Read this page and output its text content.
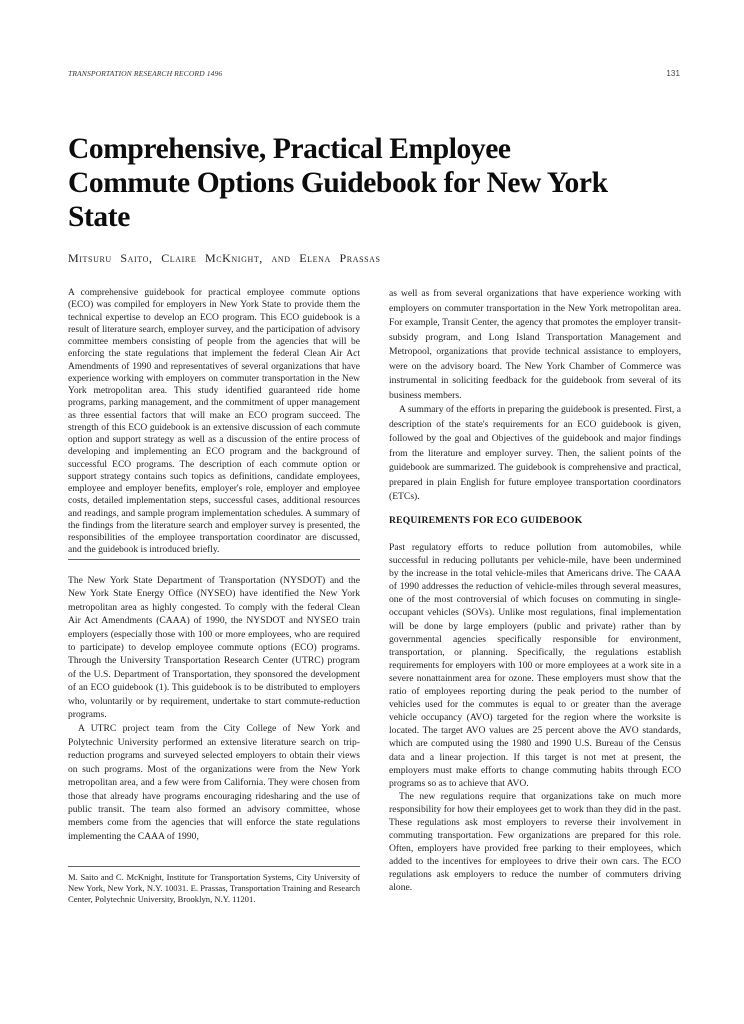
TRANSPORTATION RESEARCH RECORD 1496	131
Comprehensive, Practical Employee Commute Options Guidebook for New York State
Mitsuru Saito, Claire McKnight, and Elena Prassas

A comprehensive guidebook for practical employee commute options (ECO) was compiled for employers in New York State to provide them the technical expertise to develop an ECO program. This ECO guidebook is a result of literature search, employer survey, and the participation of advisory committee members consisting of people from the agencies that will be enforcing the state regulations that implement the federal Clean Air Act Amendments of 1990 and representatives of several organizations that have experience working with employers on commuter transportation in the New York metropolitan area. This study identified guaranteed ride home programs, parking management, and the commitment of upper management as three essential factors that will make an ECO program succeed. The strength of this ECO guidebook is an extensive discussion of each commute option and support strategy as well as a discussion of the entire process of developing and implementing an ECO program and the background of successful ECO programs. The description of each commute option or support strategy contains such topics as definitions, candidate employees, employee and employer benefits, employer's role, employer and employee costs, detailed implementation steps, successful cases, additional resources and readings, and sample program implementation schedules. A summary of the findings from the literature search and employer survey is presented, the responsibilities of the employee transportation coordinator are discussed, and the guidebook is introduced briefly.

The New York State Department of Transportation (NYSDOT) and the New York State Energy Office (NYSEO) have identified the New York metropolitan area as highly congested. To comply with the federal Clean Air Act Amendments (CAAA) of 1990, the NYSDOT and NYSEO train employers (especially those with 100 or more employees, who are required to participate) to develop employee commute options (ECO) programs. Through the University Transportation Research Center (UTRC) program of the U.S. Department of Transportation, they sponsored the development of an ECO guidebook (1). This guidebook is to be distributed to employers who, voluntarily or by requirement, undertake to start commute-reduction programs.

A UTRC project team from the City College of New York and Polytechnic University performed an extensive literature search on trip-reduction programs and surveyed selected employers to obtain their views on such programs. Most of the organizations were from the New York metropolitan area, and a few were from California. They were chosen from those that already have programs encouraging ridesharing and the use of public transit. The team also formed an advisory committee, whose members come from the agencies that will enforce the state regulations implementing the CAAA of 1990,

M. Saito and C. McKnight, Institute for Transportation Systems, City University of New York, New York, N.Y. 10031. E. Prassas, Transportation Training and Research Center, Polytechnic University, Brooklyn, N.Y. 11201.

as well as from several organizations that have experience working with employers on commuter transportation in the New York metropolitan area. For example, Transit Center, the agency that promotes the employer transit-subsidy program, and Long Island Transportation Management and Metropool, organizations that provide technical assistance to employers, were on the advisory board. The New York Chamber of Commerce was instrumental in soliciting feedback for the guidebook from several of its business members.

A summary of the efforts in preparing the guidebook is presented. First, a description of the state's requirements for an ECO guidebook is given, followed by the goal and Objectives of the guidebook and major findings from the literature and employer survey. Then, the salient points of the guidebook are summarized. The guidebook is comprehensive and practical, prepared in plain English for future employee transportation coordinators (ETCs).

REQUIREMENTS FOR ECO GUIDEBOOK

Past regulatory efforts to reduce pollution from automobiles, while successful in reducing pollutants per vehicle-mile, have been undermined by the increase in the total vehicle-miles that Americans drive. The CAAA of 1990 addresses the reduction of vehicle-miles through several measures, one of the most controversial of which focuses on commuting in single-occupant vehicles (SOVs). Unlike most regulations, final implementation will be done by large employers (public and private) rather than by governmental agencies specifically responsible for environment, transportation, or planning. Specifically, the regulations establish requirements for employers with 100 or more employees at a work site in a severe nonattainment area for ozone. These employers must show that the ratio of employees reporting during the peak period to the number of vehicles used for the commutes is equal to or greater than the average vehicle occupancy (AVO) targeted for the region where the worksite is located. The target AVO values are 25 percent above the AVO standards, which are computed using the 1980 and 1990 U.S. Bureau of the Census data and a linear projection. If this target is not met at present, the employers must make efforts to change commuting habits through ECO programs so as to achieve that AVO.

The new regulations require that organizations take on much more responsibility for how their employees get to work than they did in the past. These regulations ask most employers to reverse their involvement in commuting transportation. Few organizations are prepared for this role. Often, employers have provided free parking to their employees, which added to the incentives for employees to drive their own cars. The ECO regulations ask employers to reduce the number of commuters driving alone.
